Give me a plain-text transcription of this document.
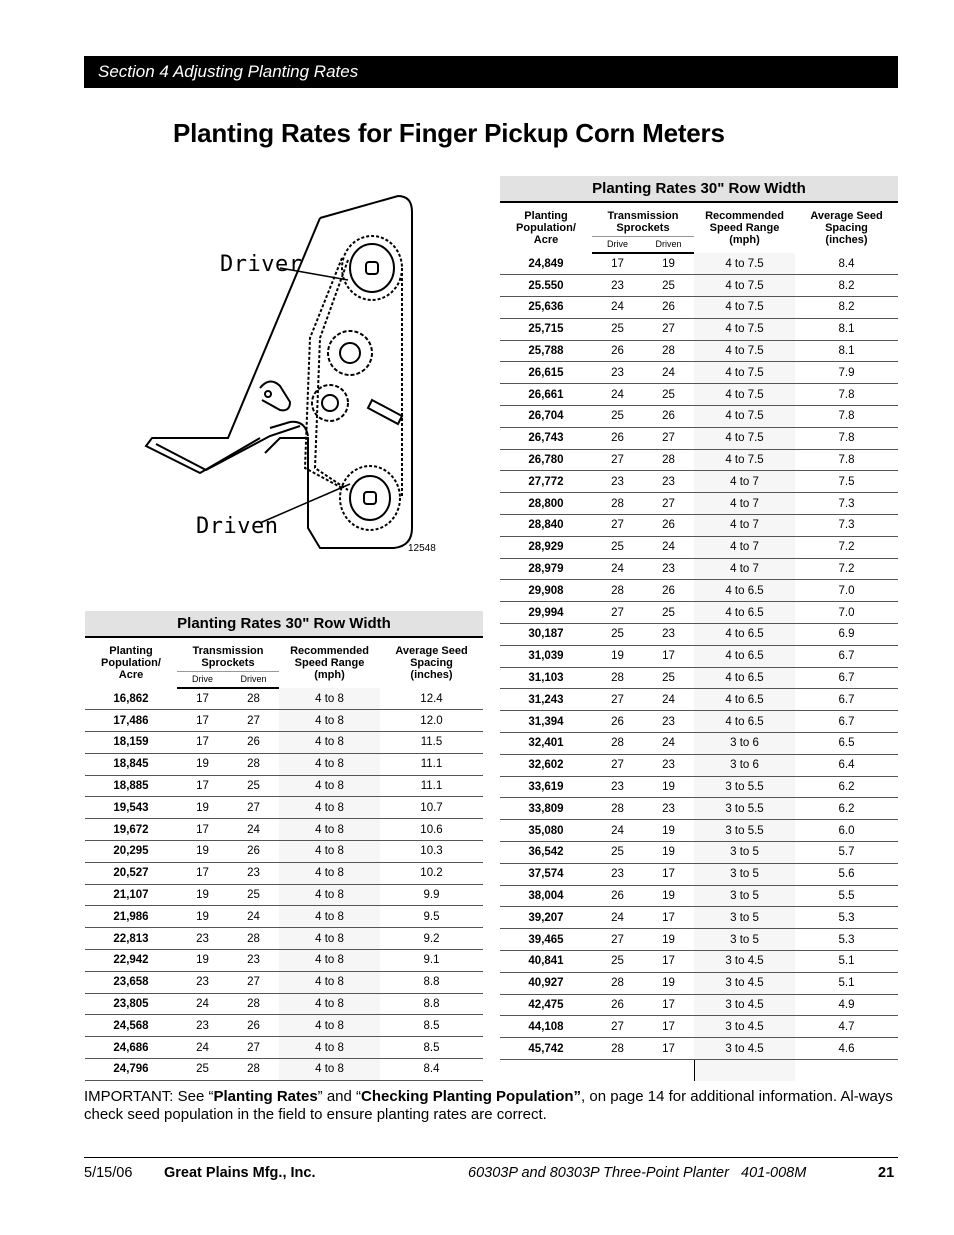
Section 4 Adjusting Planting Rates
Planting Rates for Finger Pickup Corn Meters
Driver
Driven
12548
Planting Rates 30" Row Width				
Planting
Population/
Acre	Transmission
Sprockets		Recommended
Speed Range
(mph)	Average Seed
Spacing
(inches)
	Drive	Driven		
16,862	17	28	4 to 8	12.4
17,486	17	27	4 to 8	12.0
18,159	17	26	4 to 8	11.5
18,845	19	28	4 to 8	11.1
18,885	17	25	4 to 8	11.1
19,543	19	27	4 to 8	10.7
19,672	17	24	4 to 8	10.6
20,295	19	26	4 to 8	10.3
20,527	17	23	4 to 8	10.2
21,107	19	25	4 to 8	9.9
21,986	19	24	4 to 8	9.5
22,813	23	28	4 to 8	9.2
22,942	19	23	4 to 8	9.1
23,658	23	27	4 to 8	8.8
23,805	24	28	4 to 8	8.8
24,568	23	26	4 to 8	8.5
24,686	24	27	4 to 8	8.5
24,796	25	28	4 to 8	8.4
Planting Rates 30" Row Width				
Planting
Population/
Acre	Transmission
Sprockets		Recommended
Speed Range
(mph)	Average Seed
Spacing
(inches)
	Drive	Driven		
24,849	17	19	4 to 7.5	8.4
25.550	23	25	4 to 7.5	8.2
25,636	24	26	4 to 7.5	8.2
25,715	25	27	4 to 7.5	8.1
25,788	26	28	4 to 7.5	8.1
26,615	23	24	4 to 7.5	7.9
26,661	24	25	4 to 7.5	7.8
26,704	25	26	4 to 7.5	7.8
26,743	26	27	4 to 7.5	7.8
26,780	27	28	4 to 7.5	7.8
27,772	23	23	4 to 7	7.5
28,800	28	27	4 to 7	7.3
28,840	27	26	4 to 7	7.3
28,929	25	24	4 to 7	7.2
28,979	24	23	4 to 7	7.2
29,908	28	26	4 to 6.5	7.0
29,994	27	25	4 to 6.5	7.0
30,187	25	23	4 to 6.5	6.9
31,039	19	17	4 to 6.5	6.7
31,103	28	25	4 to 6.5	6.7
31,243	27	24	4 to 6.5	6.7
31,394	26	23	4 to 6.5	6.7
32,401	28	24	3 to 6	6.5
32,602	27	23	3 to 6	6.4
33,619	23	19	3 to 5.5	6.2
33,809	28	23	3 to 5.5	6.2
35,080	24	19	3 to 5.5	6.0
36,542	25	19	3 to 5	5.7
37,574	23	17	3 to 5	5.6
38,004	26	19	3 to 5	5.5
39,207	24	17	3 to 5	5.3
39,465	27	19	3 to 5	5.3
40,841	25	17	3 to 4.5	5.1
40,927	28	19	3 to 4.5	5.1
42,475	26	17	3 to 4.5	4.9
44,108	27	17	3 to 4.5	4.7
45,742	28	17	3 to 4.5	4.6

IMPORTANT: See “Planting Rates” and “Checking Planting Population”, on page 14 for additional information. Al-ways check seed population in the field to ensure planting rates are correct.

5/15/06 Great Plains Mfg., Inc.	60303P and 80303P Three-Point Planter   401-008M	21
